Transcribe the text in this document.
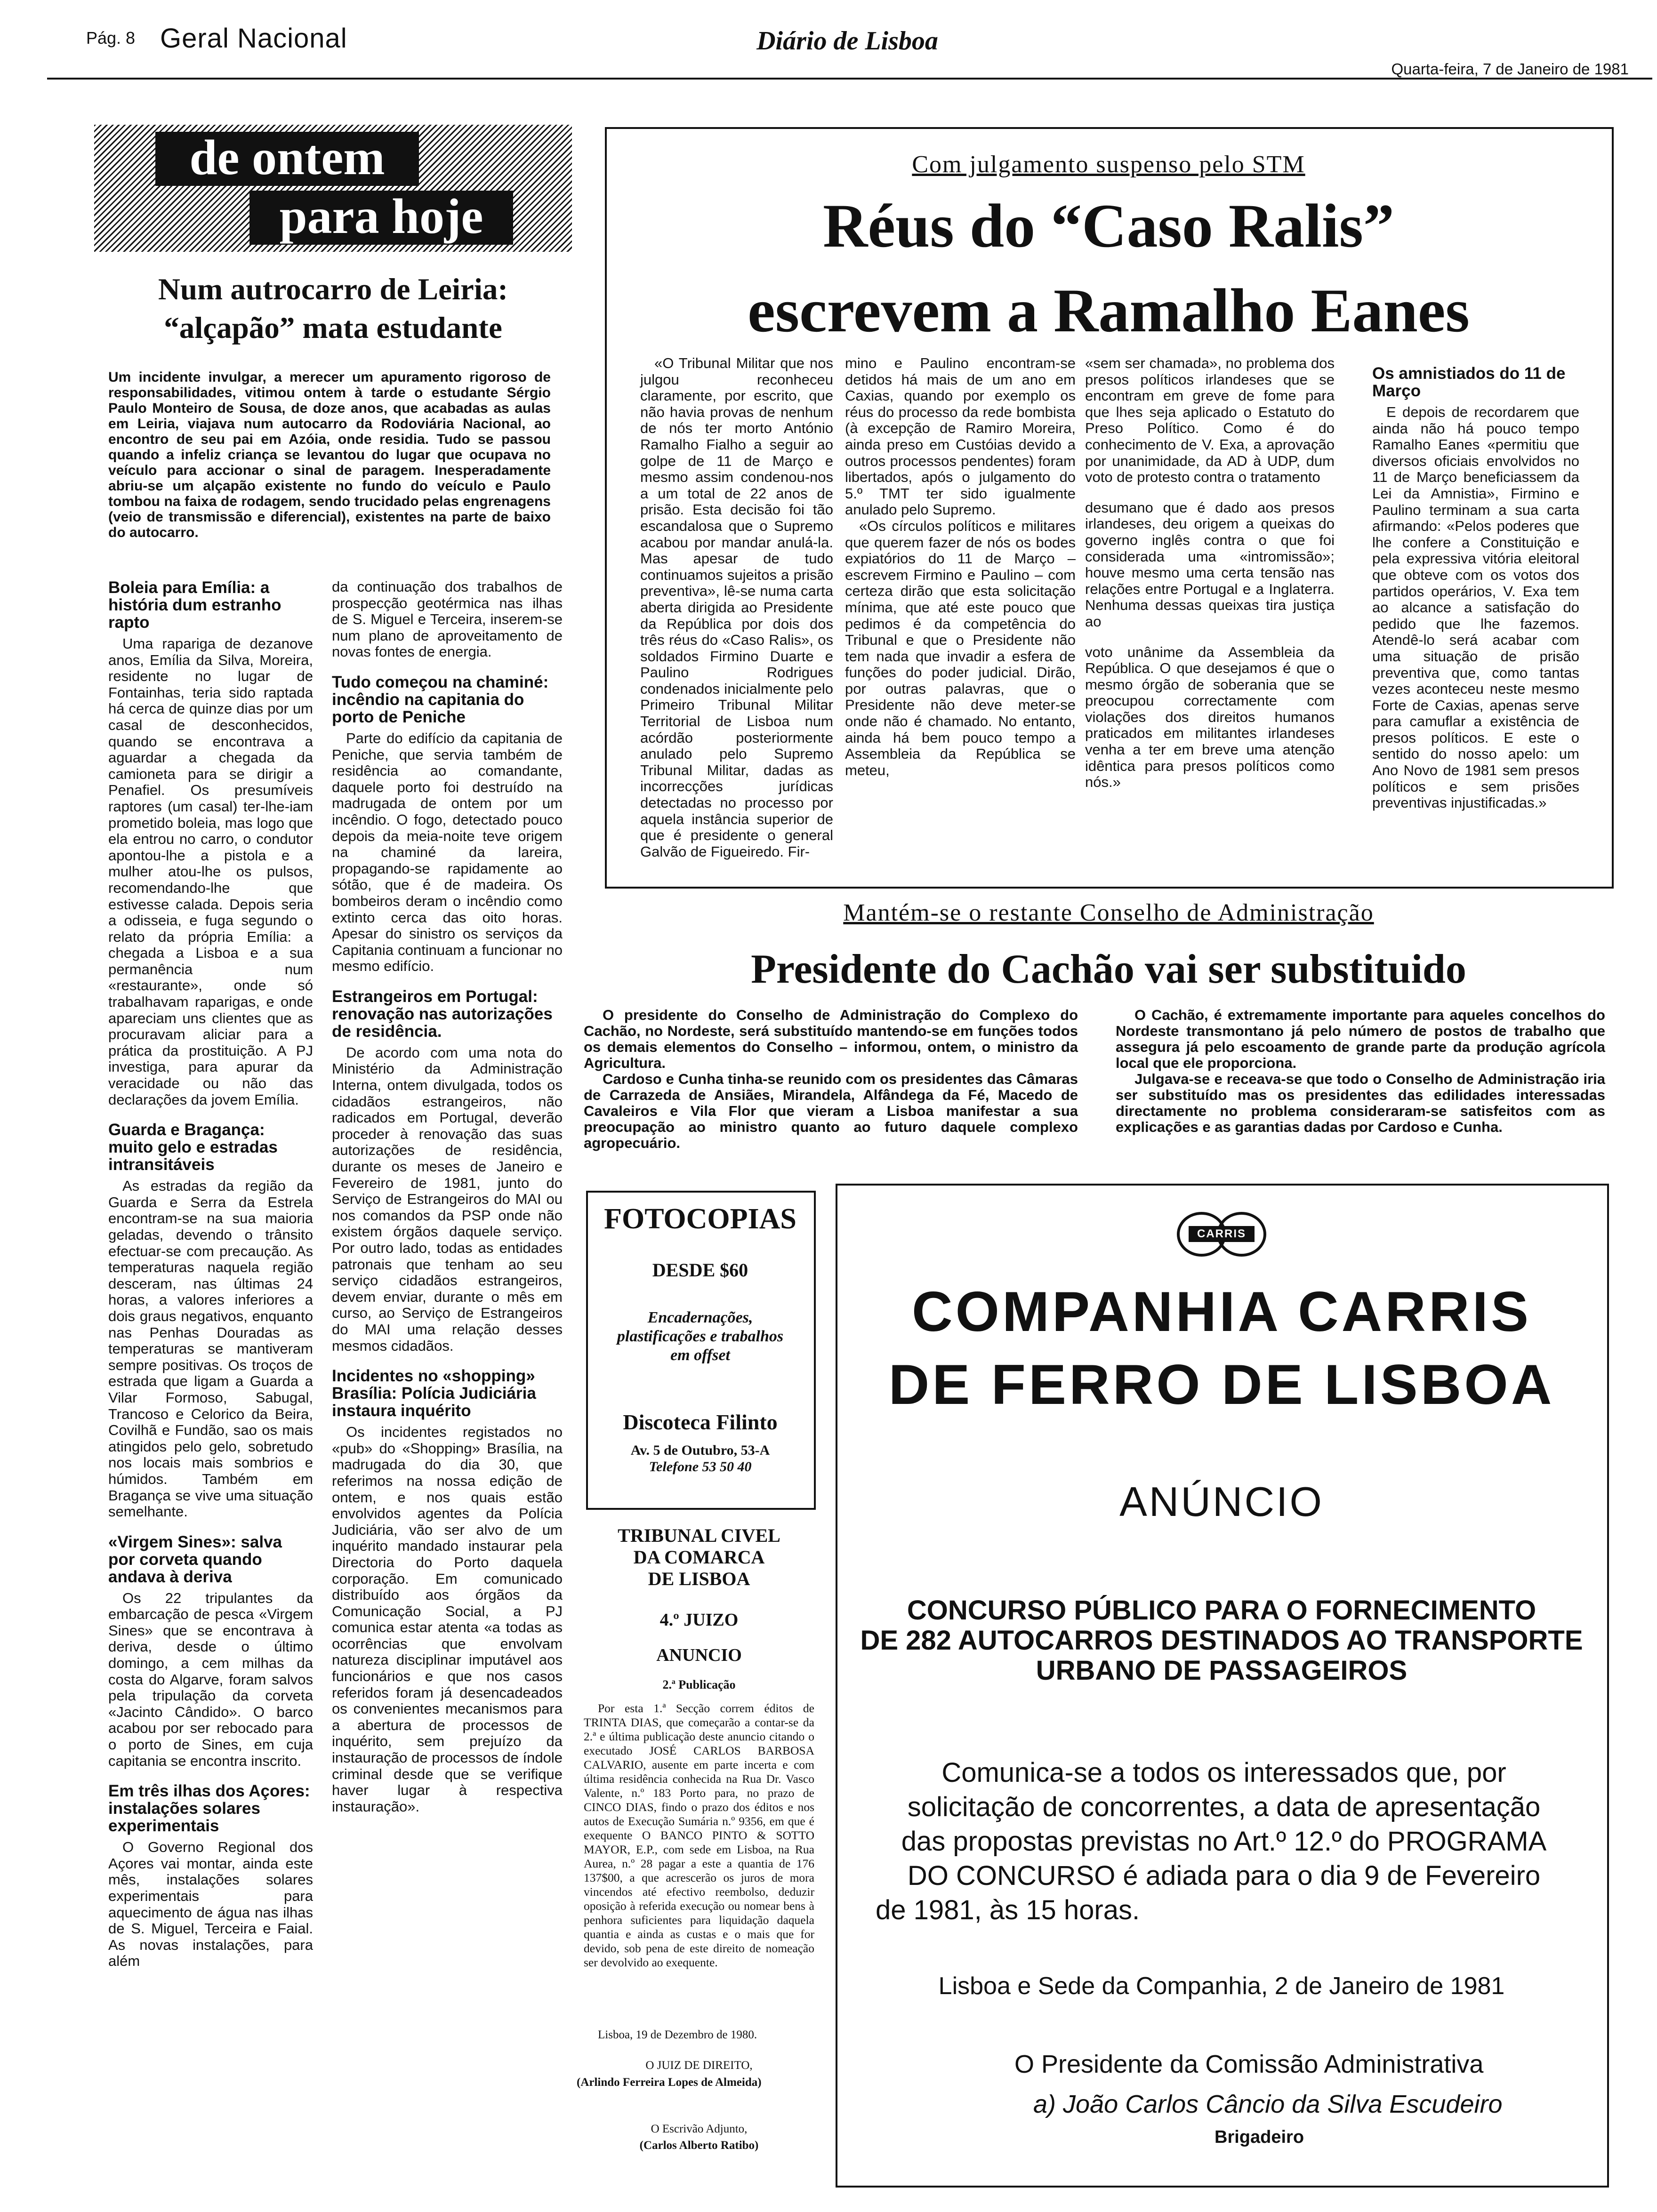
Pág. 8 Geral Nacional	Diário de Lisboa
Quarta-feira, 7 de Janeiro de 1981
de ontem
para hoje
Num autrocarro de Leiria:
“alçapão” mata estudante
Um incidente invulgar, a merecer um apuramento rigoroso de responsabilidades, vitimou ontem à tarde o estudante Sérgio Paulo Monteiro de Sousa, de doze anos, que acabadas as aulas em Leiria, viajava num autocarro da Rodoviária Nacional, ao encontro de seu pai em Azóia, onde residia. Tudo se passou quando a infeliz criança se levantou do lugar que ocupava no veículo para accionar o sinal de paragem. Inesperadamente abriu-se um alçapão existente no fundo do veículo e Paulo tombou na faixa de rodagem, sendo trucidado pelas engrenagens (veio de transmissão e diferencial), existentes na parte de baixo do autocarro.
Boleia para Emília: a história dum estranho rapto

Uma rapariga de dezanove anos, Emília da Silva, Moreira, residente no lugar de Fontainhas, teria sido raptada há cerca de quinze dias por um casal de desconhecidos, quando se encontrava a aguardar a chegada da camioneta para se dirigir a Penafiel. Os presumíveis raptores (um casal) ter-lhe-iam prometido boleia, mas logo que ela entrou no carro, o condutor apontou-lhe a pistola e a mulher atou-lhe os pulsos, recomendando-lhe que estivesse calada. Depois seria a odisseia, e fuga segundo o relato da própria Emília: a chegada a Lisboa e a sua permanência num «restaurante», onde só trabalhavam raparigas, e onde apareciam uns clientes que as procuravam aliciar para a prática da prostituição. A PJ investiga, para apurar da veracidade ou não das declarações da jovem Emília.

Guarda e Bragança: muito gelo e estradas intransitáveis

As estradas da região da Guarda e Serra da Estrela encontram-se na sua maioria geladas, devendo o trânsito efectuar-se com precaução. As temperaturas naquela região desceram, nas últimas 24 horas, a valores inferiores a dois graus negativos, enquanto nas Penhas Douradas as temperaturas se mantiveram sempre positivas. Os troços de estrada que ligam a Guarda a Vilar Formoso, Sabugal, Trancoso e Celorico da Beira, Covilhã e Fundão, sao os mais atingidos pelo gelo, sobretudo nos locais mais sombrios e húmidos. Também em Bragança se vive uma situação semelhante.

«Virgem Sines»: salva por corveta quando andava à deriva

Os 22 tripulantes da embarcação de pesca «Virgem Sines» que se encontrava à deriva, desde o último domingo, a cem milhas da costa do Algarve, foram salvos pela tripulação da corveta «Jacinto Cândido». O barco acabou por ser rebocado para o porto de Sines, em cuja capitania se encontra inscrito.

Em três ilhas dos Açores: instalações solares experimentais

O Governo Regional dos Açores vai montar, ainda este mês, instalações solares experimentais para aquecimento de água nas ilhas de S. Miguel, Terceira e Faial. As novas instalações, para além

da continuação dos trabalhos de prospecção geotérmica nas ilhas de S. Miguel e Terceira, inserem-se num plano de aproveitamento de novas fontes de energia.

Tudo começou na chaminé: incêndio na capitania do porto de Peniche

Parte do edifício da capitania de Peniche, que servia também de residência ao comandante, daquele porto foi destruído na madrugada de ontem por um incêndio. O fogo, detectado pouco depois da meia-noite teve origem na chaminé da lareira, propagando-se rapidamente ao sótão, que é de madeira. Os bombeiros deram o incêndio como extinto cerca das oito horas. Apesar do sinistro os serviços da Capitania continuam a funcionar no mesmo edifício.

Estrangeiros em Portugal: renovação nas autorizações de residência.

De acordo com uma nota do Ministério da Administração Interna, ontem divulgada, todos os cidadãos estrangeiros, não radicados em Portugal, deverão proceder à renovação das suas autorizações de residência, durante os meses de Janeiro e Fevereiro de 1981, junto do Serviço de Estrangeiros do MAI ou nos comandos da PSP onde não existem órgãos daquele serviço. Por outro lado, todas as entidades patronais que tenham ao seu serviço cidadãos estrangeiros, devem enviar, durante o mês em curso, ao Serviço de Estrangeiros do MAI uma relação desses mesmos cidadãos.

Incidentes no «shopping» Brasília: Polícia Judiciária instaura inquérito

Os incidentes registados no «pub» do «Shopping» Brasília, na madrugada do dia 30, que referimos na nossa edição de ontem, e nos quais estão envolvidos agentes da Polícia Judiciária, vão ser alvo de um inquérito mandado instaurar pela Directoria do Porto daquela corporação. Em comunicado distribuído aos órgãos da Comunicação Social, a PJ comunica estar atenta «a todas as ocorrências que envolvam natureza disciplinar imputável aos funcionários e que nos casos referidos foram já desencadeados os convenientes mecanismos para a abertura de processos de inquérito, sem prejuízo da instauração de processos de índole criminal desde que se verifique haver lugar à respectiva instauração».

Com julgamento suspenso pelo STM
Réus do “Caso Ralis”
escrevem a Ramalho Eanes

«O Tribunal Militar que nos julgou reconheceu claramente, por escrito, que não havia provas de nenhum de nós ter morto António Ramalho Fialho a seguir ao golpe de 11 de Março e mesmo assim condenou-nos a um total de 22 anos de prisão. Esta decisão foi tão escandalosa que o Supremo acabou por mandar anulá-la. Mas apesar de tudo continuamos sujeitos a prisão preventiva», lê-se numa carta aberta dirigida ao Presidente da República por dois dos três réus do «Caso Ralis», os soldados Firmino Duarte e Paulino Rodrigues condenados inicialmente pelo Primeiro Tribunal Militar Territorial de Lisboa num acórdão posteriormente anulado pelo Supremo Tribunal Militar, dadas as incorrecções jurídicas detectadas no processo por aquela instância superior de que é presidente o general Galvão de Figueiredo. Fir-

mino e Paulino encontram-se detidos há mais de um ano em Caxias, quando por exemplo os réus do processo da rede bombista (à excepção de Ramiro Moreira, ainda preso em Custóias devido a outros processos pendentes) foram libertados, após o julgamento do 5.º TMT ter sido igualmente anulado pelo Supremo.

«Os círculos políticos e militares que querem fazer de nós os bodes expiatórios do 11 de Março – escrevem Firmino e Paulino – com certeza dirão que esta solicitação mínima, que até este pouco que pedimos é da competência do Tribunal e que o Presidente não tem nada que invadir a esfera de funções do poder judicial. Dirão, por outras palavras, que o Presidente não deve meter-se onde não é chamado. No entanto, ainda há bem pouco tempo a Assembleia da República se meteu,

«sem ser chamada», no problema dos presos políticos irlandeses que se encontram em greve de fome para que lhes seja aplicado o Estatuto do Preso Político. Como é do conhecimento de V. Exa, a aprovação por unanimidade, da AD à UDP, dum voto de protesto contra o tratamento

desumano que é dado aos presos irlandeses, deu origem a queixas do governo inglês contra o que foi considerada uma «intromissão»; houve mesmo uma certa tensão nas relações entre Portugal e a Inglaterra. Nenhuma dessas queixas tira justiça ao

voto unânime da Assembleia da República. O que desejamos é que o mesmo órgão de soberania que se preocupou correctamente com violações dos direitos humanos praticados em militantes irlandeses venha a ter em breve uma atenção idêntica para presos políticos como nós.»

Os amnistiados do 11 de Março

E depois de recordarem que ainda não há pouco tempo Ramalho Eanes «permitiu que diversos oficiais envolvidos no 11 de Março beneficiassem da Lei da Amnistia», Firmino e Paulino terminam a sua carta afirmando: «Pelos poderes que lhe confere a Constituição e pela expressiva vitória eleitoral que obteve com os votos dos partidos operários, V. Exa tem ao alcance a satisfação do pedido que lhe fazemos. Atendê-lo será acabar com uma situação de prisão preventiva que, como tantas vezes aconteceu neste mesmo Forte de Caxias, apenas serve para camuflar a existência de presos políticos. E este o sentido do nosso apelo: um Ano Novo de 1981 sem presos políticos e sem prisões preventivas injustificadas.»

Mantém-se o restante Conselho de Administração
Presidente do Cachão vai ser substituido

O presidente do Conselho de Administração do Complexo do Cachão, no Nordeste, será substituído mantendo-se em funções todos os demais elementos do Conselho – informou, ontem, o ministro da Agricultura.

Cardoso e Cunha tinha-se reunido com os presidentes das Câmaras de Carrazeda de Ansiães, Mirandela, Alfândega da Fé, Macedo de Cavaleiros e Vila Flor que vieram a Lisboa manifestar a sua preocupação ao ministro quanto ao futuro daquele complexo agropecuário.

O Cachão, é extremamente importante para aqueles concelhos do Nordeste transmontano já pelo número de postos de trabalho que assegura já pelo escoamento de grande parte da produção agrícola local que ele proporciona.

Julgava-se e receava-se que todo o Conselho de Administração iria ser substituído mas os presidentes das edilidades interessadas directamente no problema consideraram-se satisfeitos com as explicações e as garantias dadas por Cardoso e Cunha.

FOTOCOPIAS
DESDE $60
Encadernações, plastificações e trabalhos em offset
Discoteca Filinto
Av. 5 de Outubro, 53-A
Telefone 53 50 40
TRIBUNAL CIVEL
DA COMARCA
DE LISBOA
4.º JUIZO
ANUNCIO
2.ª Publicação
Por esta 1.ª Secção correm éditos de TRINTA DIAS, que começarão a contar-se da 2.ª e última publicação deste anuncio citando o executado JOSÉ CARLOS BARBOSA CALVARIO, ausente em parte incerta e com última residência conhecida na Rua Dr. Vasco Valente, n.º 183 Porto para, no prazo de CINCO DIAS, findo o prazo dos éditos e nos autos de Execução Sumária n.º 9356, em que é exequente O BANCO PINTO & SOTTO MAYOR, E.P., com sede em Lisboa, na Rua Aurea, n.º 28 pagar a este a quantia de 176 137$00, a que acrescerão os juros de mora vincendos até efectivo reembolso, deduzir oposição à referida execução ou nomear bens à penhora suficientes para liquidação daquela quantia e ainda as custas e o mais que for devido, sob pena de este direito de nomeação ser devolvido ao exequente.
Lisboa, 19 de Dezembro de 1980.
O JUIZ DE DIREITO,
(Arlindo Ferreira Lopes de Almeida)
O Escrivão Adjunto,
(Carlos Alberto Ratibo)
CARRIS
COMPANHIA CARRIS
DE FERRO DE LISBOA
ANÚNCIO
CONCURSO PÚBLICO PARA O FORNECIMENTO
DE 282 AUTOCARROS DESTINADOS AO TRANSPORTE
URBANO DE PASSAGEIROS
Comunica-se a todos os interessados que, por
solicitação de concorrentes, a data de apresentação
das propostas previstas no Art.º 12.º do PROGRAMA
DO CONCURSO é adiada para o dia 9 de Fevereiro
de 1981, às 15 horas.
Lisboa e Sede da Companhia, 2 de Janeiro de 1981
O Presidente da Comissão Administrativa
a) João Carlos Câncio da Silva Escudeiro
Brigadeiro
